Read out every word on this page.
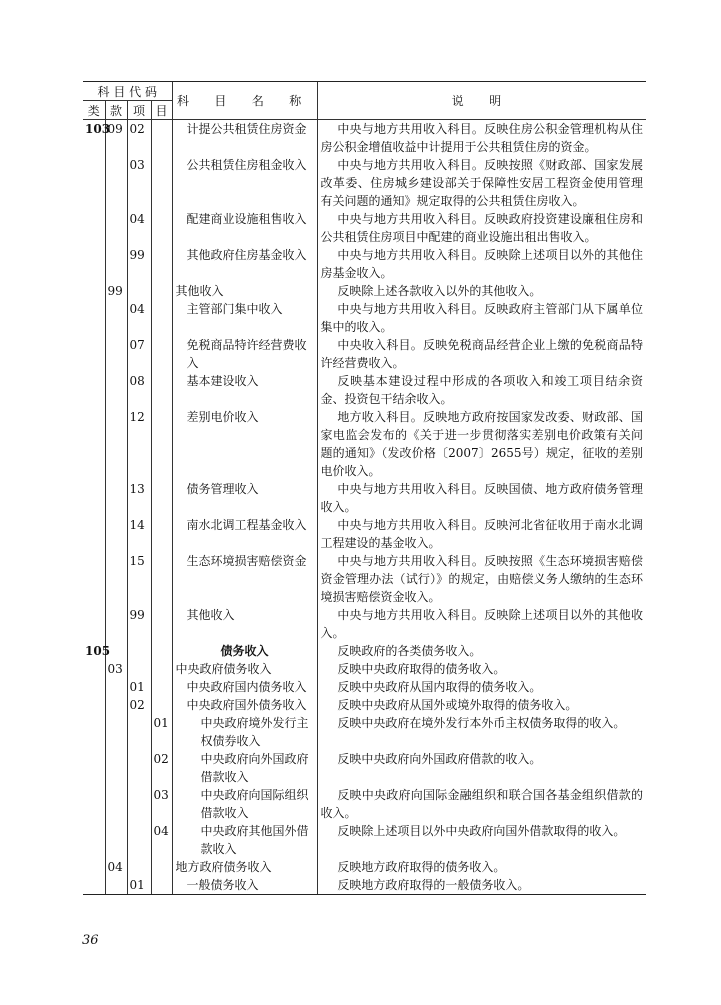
科 目 代 码				科 目 名 称	说 明
类	款	项	目		
103	09	02		计提公共租赁住房资金	中央与地方共用收入科目。反映住房公积金管理机构从住房公积金增值收益中计提用于公共租赁住房的资金。
		03		公共租赁住房租金收入	中央与地方共用收入科目。反映按照《财政部、国家发展改革委、住房城乡建设部关于保障性安居工程资金使用管理有关问题的通知》规定取得的公共租赁住房收入。
		04		配建商业设施租售收入	中央与地方共用收入科目。反映政府投资建设廉租住房和公共租赁住房项目中配建的商业设施出租出售收入。
		99		其他政府住房基金收入	中央与地方共用收入科目。反映除上述项目以外的其他住房基金收入。
	99			其他收入	反映除上述各款收入以外的其他收入。
		04		主管部门集中收入	中央与地方共用收入科目。反映政府主管部门从下属单位集中的收入。
		07		免税商品特许经营费收入	中央收入科目。反映免税商品经营企业上缴的免税商品特许经营费收入。
		08		基本建设收入	反映基本建设过程中形成的各项收入和竣工项目结余资金、投资包干结余收入。
		12		差别电价收入	地方收入科目。反映地方政府按国家发改委、财政部、国家电监会发布的《关于进一步贯彻落实差别电价政策有关问题的通知》（发改价格〔2007〕2655号）规定，征收的差别电价收入。
		13		债务管理收入	中央与地方共用收入科目。反映国债、地方政府债务管理收入。
		14		南水北调工程基金收入	中央与地方共用收入科目。反映河北省征收用于南水北调工程建设的基金收入。
		15		生态环境损害赔偿资金	中央与地方共用收入科目。反映按照《生态环境损害赔偿资金管理办法（试行）》的规定，由赔偿义务人缴纳的生态环境损害赔偿资金收入。
		99		其他收入	中央与地方共用收入科目。反映除上述项目以外的其他收入。
105				债务收入	反映政府的各类债务收入。
	03			中央政府债务收入	反映中央政府取得的债务收入。
		01		中央政府国内债务收入	反映中央政府从国内取得的债务收入。
		02		中央政府国外债务收入	反映中央政府从国外或境外取得的债务收入。
			01	中央政府境外发行主权债券收入	反映中央政府在境外发行本外币主权债务取得的收入。
			02	中央政府向外国政府借款收入	反映中央政府向外国政府借款的收入。
			03	中央政府向国际组织借款收入	反映中央政府向国际金融组织和联合国各基金组织借款的收入。
			04	中央政府其他国外借款收入	反映除上述项目以外中央政府向国外借款取得的收入。
	04			地方政府债务收入	反映地方政府取得的债务收入。
		01		一般债务收入	反映地方政府取得的一般债务收入。
36
